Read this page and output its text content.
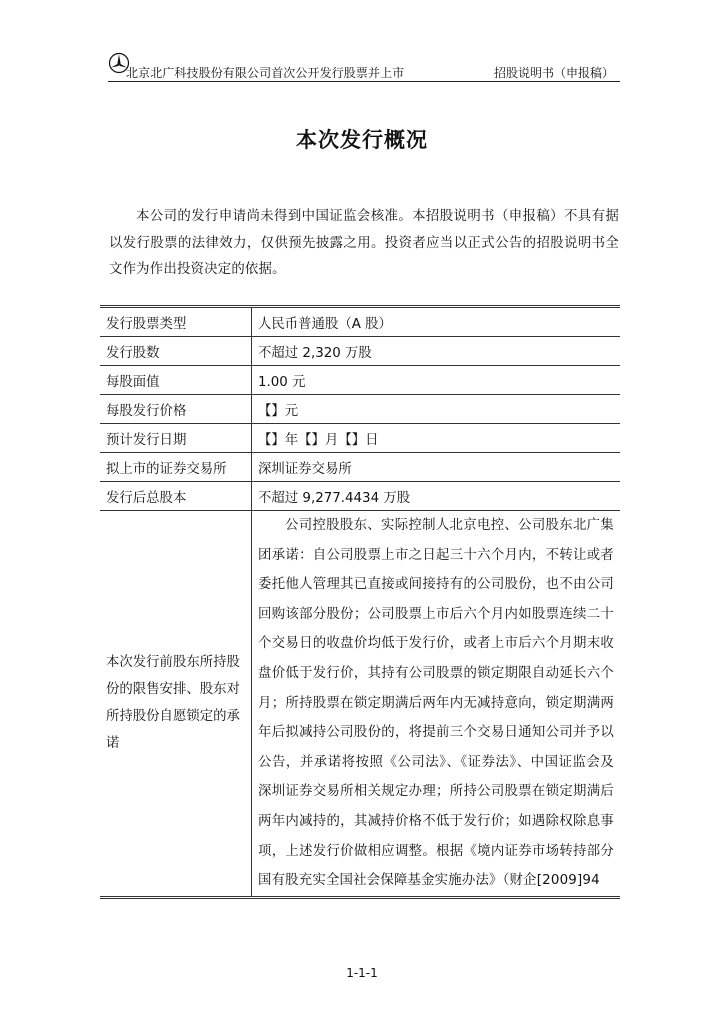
北京北广科技股份有限公司首次公开发行股票并上市	招股说明书（申报稿）
本次发行概况
本公司的发行申请尚未得到中国证监会核准。本招股说明书（申报稿）不具有据以发行股票的法律效力，仅供预先披露之用。投资者应当以正式公告的招股说明书全文作为作出投资决定的依据。
发行股票类型	人民币普通股（A 股）
发行股数	不超过 2,320 万股
每股面值	1.00 元
每股发行价格	【】元
预计发行日期	【】年【】月【】日
拟上市的证券交易所	深圳证券交易所
发行后总股本	不超过 9,277.4434 万股
本次发行前股东所持股份的限售安排、股东对所持股份自愿锁定的承诺	公司控股股东、实际控制人北京电控、公司股东北广集团承诺：自公司股票上市之日起三十六个月内，不转让或者委托他人管理其已直接或间接持有的公司股份，也不由公司回购该部分股份；公司股票上市后六个月内如股票连续二十个交易日的收盘价均低于发行价，或者上市后六个月期末收盘价低于发行价，其持有公司股票的锁定期限自动延长六个月；所持股票在锁定期满后两年内无减持意向，锁定期满两年后拟减持公司股份的，将提前三个交易日通知公司并予以公告，并承诺将按照《公司法》、《证券法》、中国证监会及深圳证券交易所相关规定办理；所持公司股票在锁定期满后两年内减持的，其减持价格不低于发行价；如遇除权除息事项，上述发行价做相应调整。根据《境内证券市场转持部分国有股充实全国社会保障基金实施办法》（财企[2009]94
1-1-1
